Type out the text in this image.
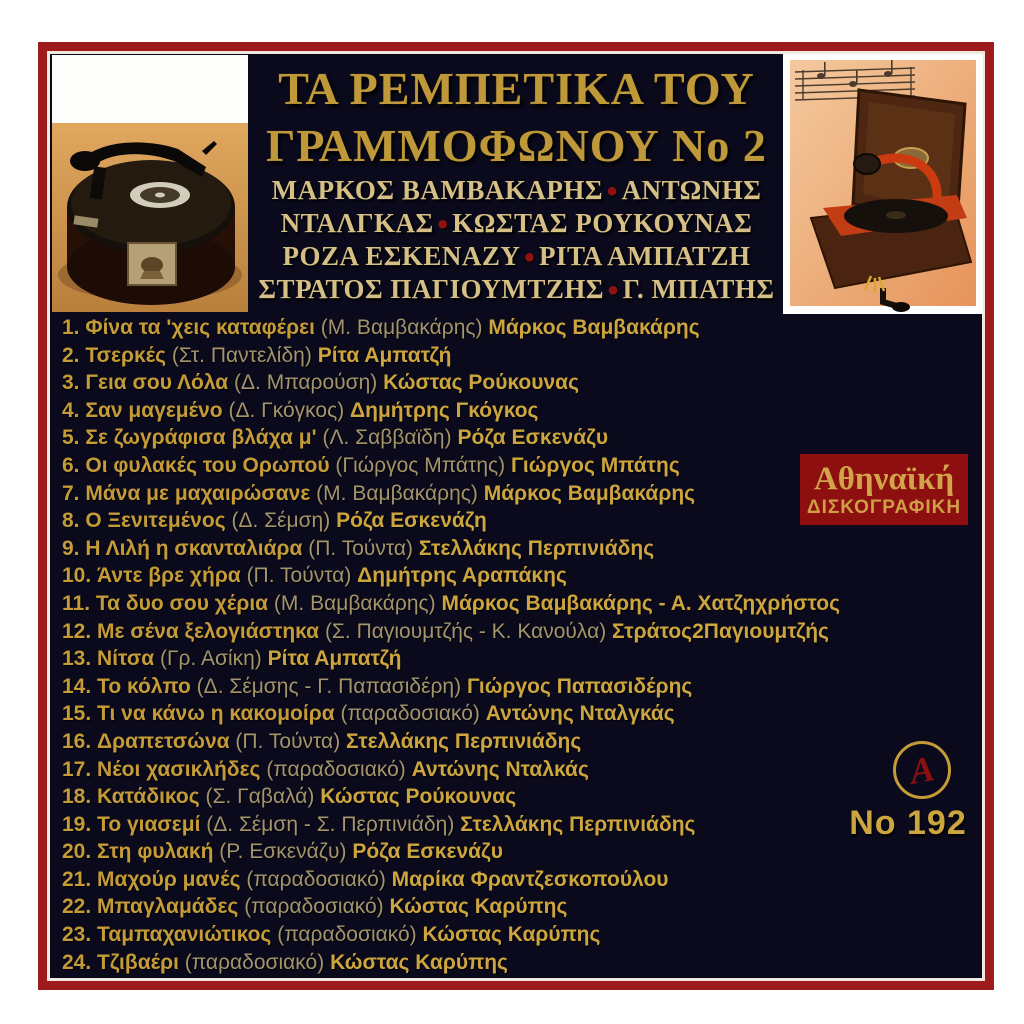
ΤΑ ΡΕΜΠΕΤΙΚΑ ΤΟΥ
ΓΡΑΜΜΟΦΩΝΟΥ Νο 2
ΜΑΡΚΟΣ ΒΑΜΒΑΚΑΡΗΣ ● ΑΝΤΩΝΗΣ
ΝΤΑΛΓΚΑΣ ● ΚΩΣΤΑΣ ΡΟΥΚΟΥΝΑΣ
ΡΟΖΑ ΕΣΚΕΝΑΖΥ ● ΡΙΤΑ ΑΜΠΑΤΖΗ
ΣΤΡΑΤΟΣ ΠΑΓΙΟΥΜΤΖΗΣ ● Γ. ΜΠΑΤΗΣ
1. Φίνα τα 'χεις καταφέρει (Μ. Βαμβακάρης) Μάρκος Βαμβακάρης
2. Τσερκές (Στ. Παντελίδη) Ρίτα Αμπατζή
3. Γεια σου Λόλα (Δ. Μπαρούση) Κώστας Ρούκουνας
4. Σαν μαγεμένο (Δ. Γκόγκος) Δημήτρης Γκόγκος
5. Σε ζωγράφισα βλάχα μ' (Λ. Σαββαϊδη) Ρόζα Εσκενάζυ
6. Οι φυλακές του Ορωπού (Γιώργος Μπάτης) Γιώργος Μπάτης
7. Μάνα με μαχαιρώσανε (Μ. Βαμβακάρης) Μάρκος Βαμβακάρης
8. Ο Ξενιτεμένος (Δ. Σέμση) Ρόζα Εσκενάζη
9. Η Λιλή η σκανταλιάρα (Π. Τούντα) Στελλάκης Περπινιάδης
10. Άντε βρε χήρα (Π. Τούντα) Δημήτρης Αραπάκης
11. Τα δυο σου χέρια (Μ. Βαμβακάρης) Μάρκος Βαμβακάρης - Α. Χατζηχρήστος
12. Με σένα ξελογιάστηκα (Σ. Παγιουμτζής - Κ. Κανούλα) Στράτος2Παγιουμτζής
13. Νίτσα (Γρ. Ασίκη) Ρίτα Αμπατζή
14. Το κόλπο (Δ. Σέμσης - Γ. Παπασιδέρη) Γιώργος Παπασιδέρης
15. Τι να κάνω η κακομοίρα (παραδοσιακό) Αντώνης Νταλγκάς
16. Δραπετσώνα (Π. Τούντα) Στελλάκης Περπινιάδης
17. Νέοι χασικλήδες (παραδοσιακό) Αντώνης Νταλκάς
18. Κατάδικος (Σ. Γαβαλά) Κώστας Ρούκουνας
19. Το γιασεμί (Δ. Σέμση - Σ. Περπινιάδη) Στελλάκης Περπινιάδης
20. Στη φυλακή (Ρ. Εσκενάζυ) Ρόζα Εσκενάζυ
21. Μαχούρ μανές (παραδοσιακό) Μαρίκα Φραντζεσκοπούλου
22. Μπαγλαμάδες (παραδοσιακό) Κώστας Καρύπης
23. Ταμπαχανιώτικος (παραδοσιακό) Κώστας Καρύπης
24. Τζιβαέρι (παραδοσιακό) Κώστας Καρύπης
Αθηναϊκή
ΔΙΣΚΟΓΡΑΦΙΚΗ
A
Νο 192
